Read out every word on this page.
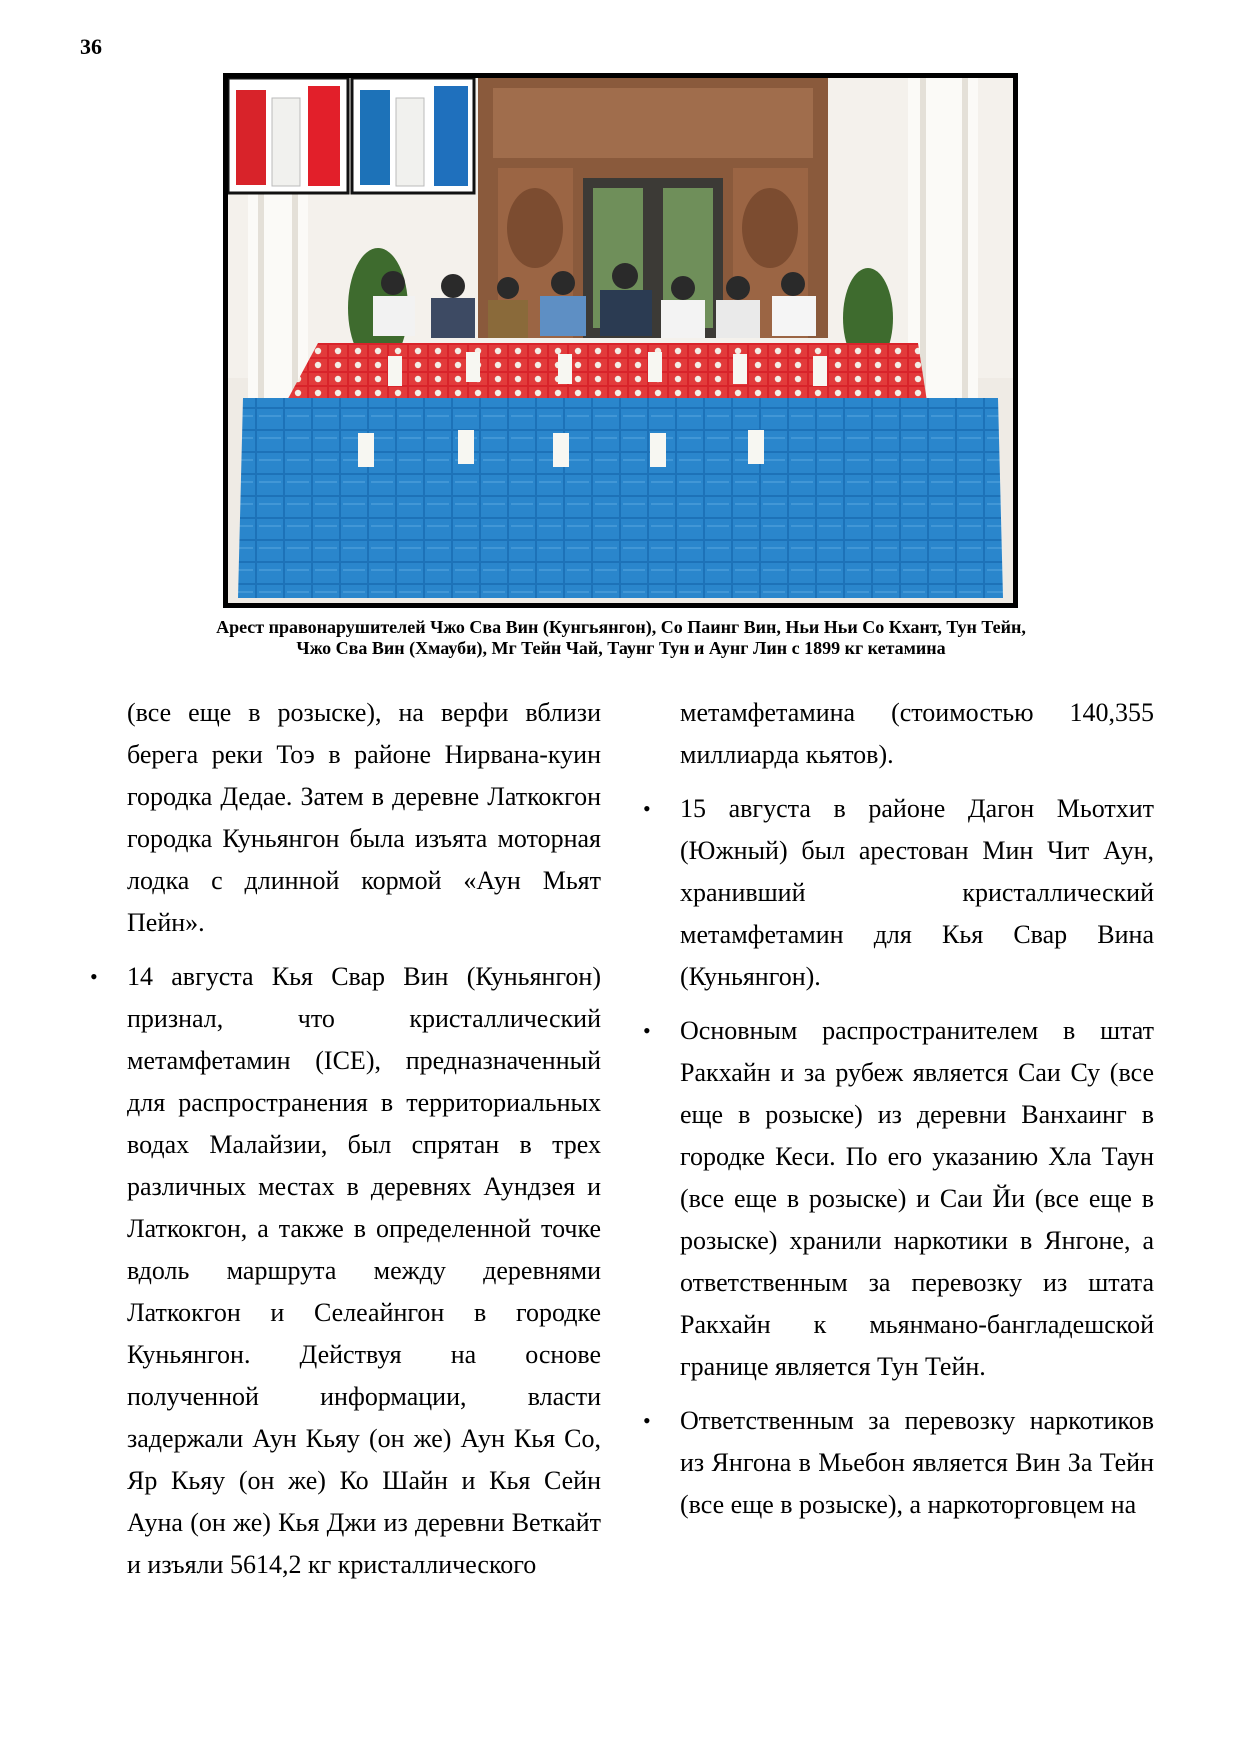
36
Арест правонарушителей Чжо Сва Вин (Кунгьянгон), Со Паинг Вин, Ньи Ньи Со Кхант, Тун Тейн,
Чжо Сва Вин (Хмауби), Мг Тейн Чай, Таунг Тун и Аунг Лин с 1899 кг кетамина

(все еще в розыске), на верфи вблизи берега реки Тоэ в районе Нирвана-куин городка Дедае. Затем в деревне Латкокгон городка Куньянгон была изъята моторная лодка с длинной кормой «Аун Мьят Пейн».

• 14 августа Кья Свар Вин (Куньянгон) признал, что кристаллический метамфетамин (ICE), предназначенный для распространения в территориальных водах Малайзии, был спрятан в трех различных местах в деревнях Аундзея и Латкокгон, а также в определенной точке вдоль маршрута между деревнями Латкокгон и Селеайнгон в городке Куньянгон. Действуя на основе полученной информации, власти задержали Аун Кьяу (он же) Аун Кья Со, Яр Кьяу (он же) Ко Шайн и Кья Сейн Ауна (он же) Кья Джи из деревни Веткайт и изъяли 5614,2 кг кристаллического

метамфетамина (стоимостью 140,355 миллиарда кьятов).

• 15 августа в районе Дагон Мьотхит (Южный) был арестован Мин Чит Аун, хранивший кристаллический метамфетамин для Кья Свар Вина (Куньянгон).
• Основным распространителем в штат Ракхайн и за рубеж является Саи Су (все еще в розыске) из деревни Ванхаинг в городке Кеси. По его указанию Хла Таун (все еще в розыске) и Саи Йи (все еще в розыске) хранили наркотики в Янгоне, а ответственным за перевозку из штата Ракхайн к мьянмано-бангладешской границе является Тун Тейн.
• Ответственным за перевозку наркотиков из Янгона в Мьебон является Вин За Тейн (все еще в розыске), а наркоторговцем на
